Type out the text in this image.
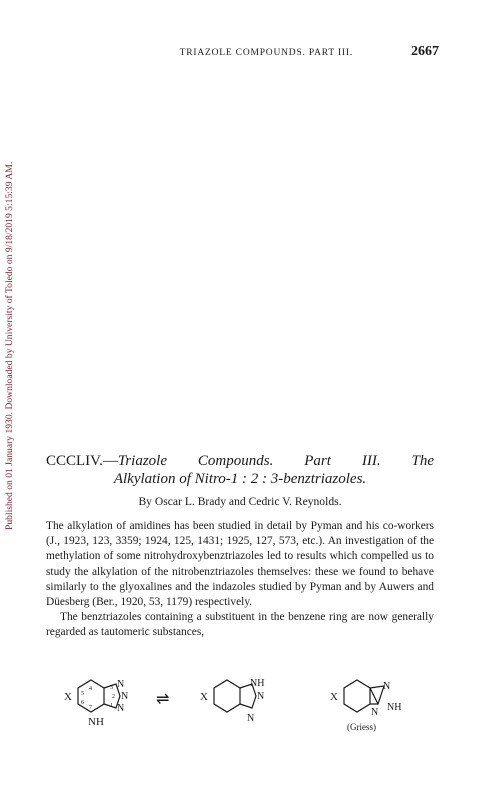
Published on 01 January 1930. Downloaded by University of Toledo on 9/18/2019 5:15:39 AM.
TRIAZOLE COMPOUNDS. PART III.	2667
CCCLIV.—Triazole Compounds. Part III. The
Alkylation of Nitro-1 : 2 : 3-benztriazoles.
By Oscar L. Brady and Cedric V. Reynolds.

The alkylation of amidines has been studied in detail by Pyman and his co-workers (J., 1923, 123, 3359; 1924, 125, 1431; 1925, 127, 573, etc.). An investigation of the methylation of some nitrohydroxybenztriazoles led to results which compelled us to study the alkylation of the nitrobenztriazoles themselves: these we found to behave similarly to the glyoxalines and the indazoles studied by Pyman and by Auwers and Düesberg (Ber., 1920, 53, 1179) respectively.

The benztriazoles containing a substituent in the benzene ring are now generally regarded as tautomeric substances,

X
4
5
6
7	1
2
3 N
N
N
NH
⇌	X
NH
N
N
X
N
N NH
(Griess)
